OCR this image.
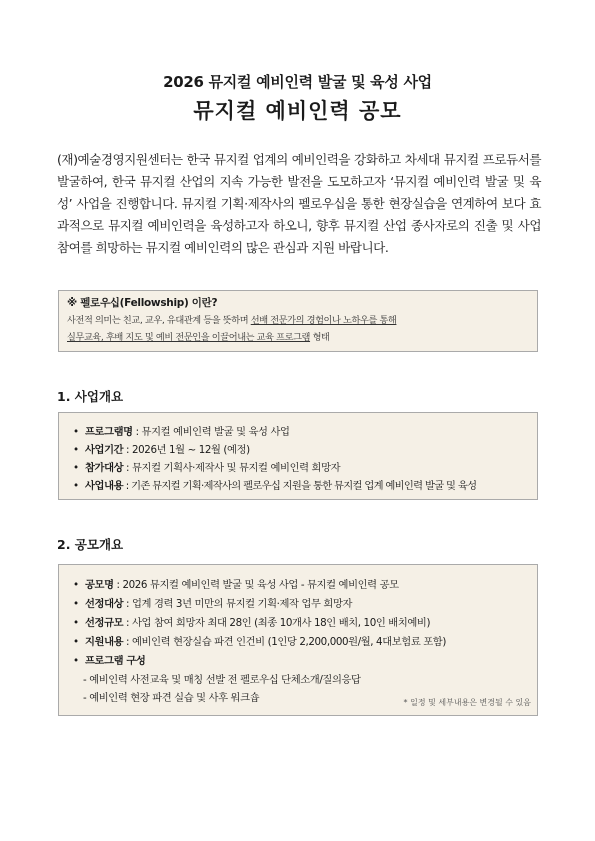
2026 뮤지컬 예비인력 발굴 및 육성 사업
뮤지컬 예비인력 공모
(재)예술경영지원센터는 한국 뮤지컬 업계의 예비인력을 강화하고 차세대 뮤지컬 프로듀서를 발굴하여, 한국 뮤지컬 산업의 지속 가능한 발전을 도모하고자 ‘뮤지컬 예비인력 발굴 및 육성’ 사업을 진행합니다. 뮤지컬 기획·제작사의 펠로우십을 통한 현장실습을 연계하여 보다 효과적으로 뮤지컬 예비인력을 육성하고자 하오니, 향후 뮤지컬 산업 종사자로의 진출 및 사업 참여를 희망하는 뮤지컬 예비인력의 많은 관심과 지원 바랍니다.
※ 펠로우십(Fellowship) 이란?
사전적 의미는 친교, 교우, 유대관계 등을 뜻하며 선배 전문가의 경험이나 노하우를 통해
실무교육, 후배 지도 및 예비 전문인을 이끌어내는 교육 프로그램 형태
1. 사업개요
• 프로그램명 : 뮤지컬 예비인력 발굴 및 육성 사업
• 사업기간 : 2026년 1월 ~ 12월 (예정)
• 참가대상 : 뮤지컬 기획사·제작사 및 뮤지컬 예비인력 희망자
• 사업내용 : 기존 뮤지컬 기획·제작사의 펠로우십 지원을 통한 뮤지컬 업계 예비인력 발굴 및 육성
2. 공모개요
• 공모명 : 2026 뮤지컬 예비인력 발굴 및 육성 사업 - 뮤지컬 예비인력 공모
• 선정대상 : 업계 경력 3년 미만의 뮤지컬 기획·제작 업무 희망자
• 선정규모 : 사업 참여 희망자 최대 28인 (최종 10개사 18인 배치, 10인 배치예비)
• 지원내용 : 예비인력 현장실습 파견 인건비 (1인당 2,200,000원/월, 4대보험료 포함)
• 프로그램 구성
- 예비인력 사전교육 및 매칭 선발 전 펠로우십 단체소개/질의응답
- 예비인력 현장 파견 실습 및 사후 워크숍	* 일정 및 세부내용은 변경될 수 있음
